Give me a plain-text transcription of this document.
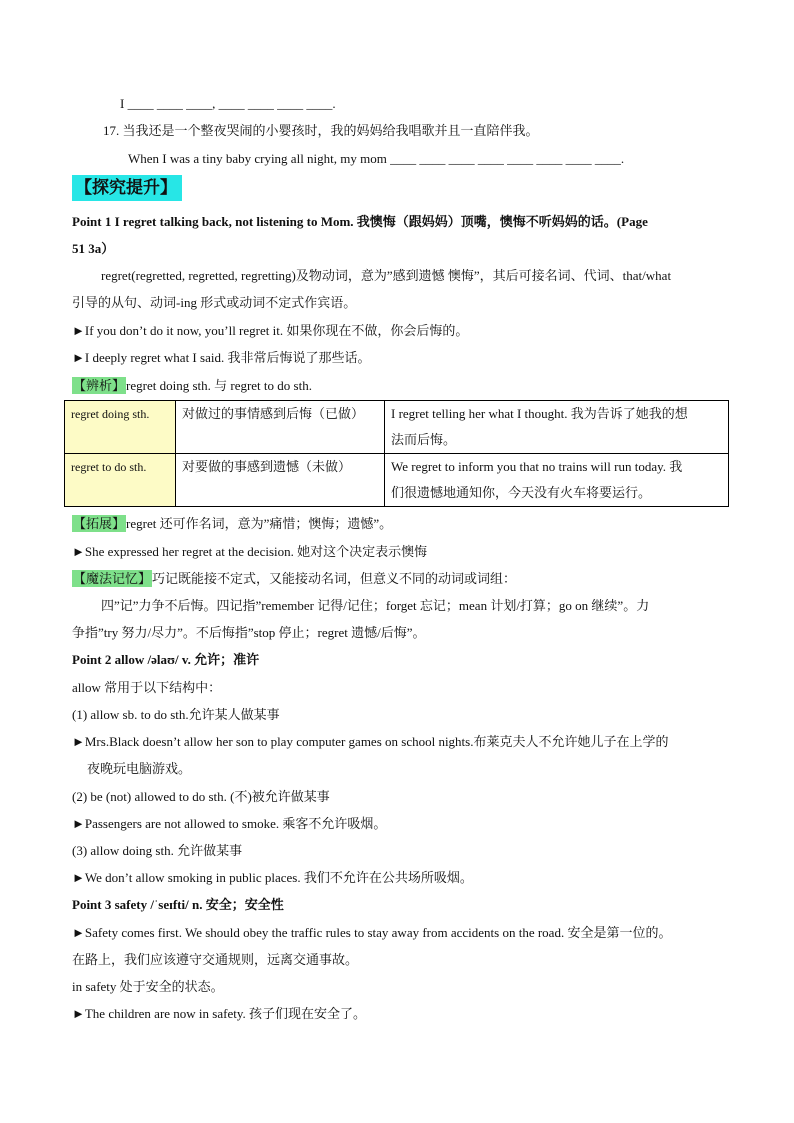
I ____ ____ ____, ____ ____ ____ ____.
17. 当我还是一个整夜哭闹的小婴孩时，我的妈妈给我唱歌并且一直陪伴我。
When I was a tiny baby crying all night, my mom ____ ____ ____ ____ ____ ____ ____ ____.
【探究提升】
Point 1 I regret talking back, not listening to Mom. 我懊悔（跟妈妈）顶嘴，懊悔不听妈妈的话。(Page
51 3a）
regret(regretted, regretted, regretting)及物动词，意为”感到遗憾 懊悔”，其后可接名词、代词、that/what
引导的从句、动词-ing 形式或动词不定式作宾语。
►If you don’t do it now, you’ll regret it. 如果你现在不做，你会后悔的。
►I deeply regret what I said. 我非常后悔说了那些话。
【辨析】regret doing sth. 与 regret to do sth.
regret doing sth.	对做过的事情感到后悔（已做）	I regret telling her what I thought. 我为告诉了她我的想
法而后悔。
regret to do sth.	对要做的事感到遗憾（未做）	We regret to inform you that no trains will run today. 我
们很遗憾地通知你，今天没有火车将要运行。
【拓展】regret 还可作名词，意为”痛惜；懊悔；遗憾”。
►She expressed her regret at the decision. 她对这个决定表示懊悔
【魔法记忆】巧记既能接不定式，又能接动名词，但意义不同的动词或词组：
四”记”力争不后悔。四记指”remember 记得/记住；forget 忘记；mean 计划/打算；go on 继续”。力
争指”try 努力/尽力”。不后悔指”stop 停止；regret 遗憾/后悔”。
Point 2 allow /əlaʊ/ v. 允许；准许
allow 常用于以下结构中：
(1) allow sb. to do sth.允许某人做某事
►Mrs.Black doesn’t allow her son to play computer games on school nights.布莱克夫人不允许她儿子在上学的
夜晚玩电脑游戏。
(2) be (not) allowed to do sth. (不)被允许做某事
►Passengers are not allowed to smoke. 乘客不允许吸烟。
(3) allow doing sth. 允许做某事
►We don’t allow smoking in public places. 我们不允许在公共场所吸烟。
Point 3 safety /ˈseɪfti/ n. 安全；安全性
►Safety comes first. We should obey the traffic rules to stay away from accidents on the road. 安全是第一位的。
在路上，我们应该遵守交通规则，远离交通事故。
in safety 处于安全的状态。
►The children are now in safety. 孩子们现在安全了。
